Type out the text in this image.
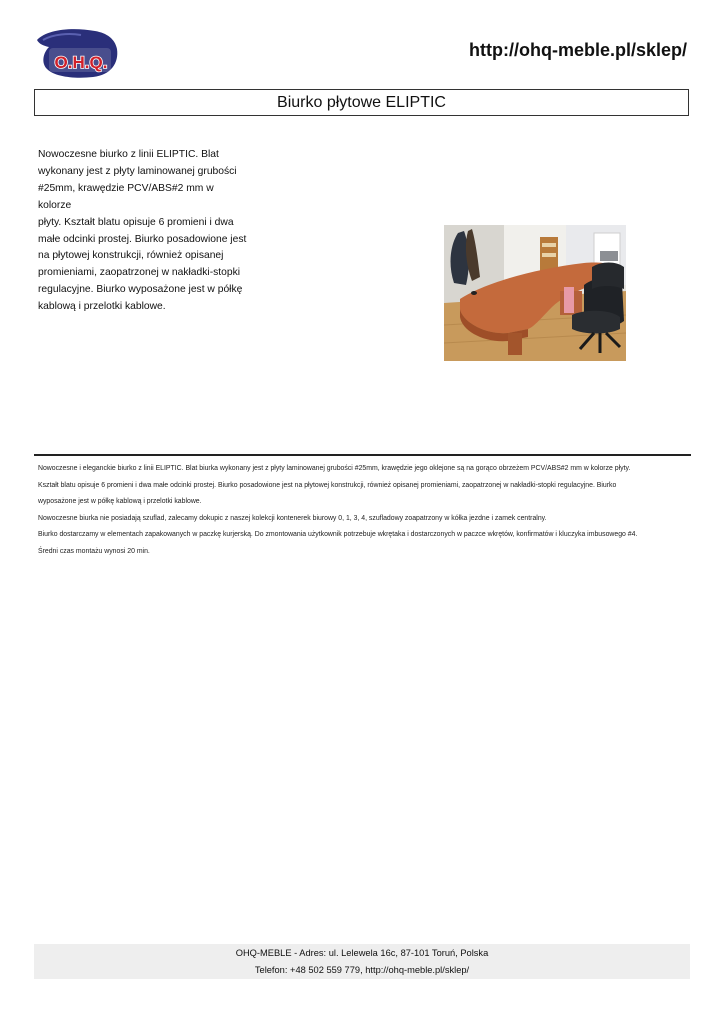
O.H.Q.
http://ohq-meble.pl/sklep/
Biurko płytowe ELIPTIC
Nowoczesne biurko z linii ELIPTIC. Blat
wykonany jest z płyty laminowanej grubości
#25mm, krawędzie PCV/ABS#2 mm w kolorze
płyty. Kształt blatu opisuje 6 promieni i dwa
małe odcinki prostej. Biurko posadowione jest
na płytowej konstrukcji, również opisanej
promieniami, zaopatrzonej w nakładki-stopki
regulacyjne. Biurko wyposażone jest w półkę
kablową i przelotki kablowe.

Nowoczesne i eleganckie biurko z linii ELIPTIC. Blat biurka wykonany jest z płyty laminowanej grubości #25mm, krawędzie jego oklejone są na gorąco obrzeżem PCV/ABS#2 mm w kolorze płyty.

Kształt blatu opisuje 6 promieni i dwa małe odcinki prostej. Biurko posadowione jest na płytowej konstrukcji, również opisanej promieniami, zaopatrzonej w nakładki-stopki regulacyjne. Biurko

wyposażone jest w półkę kablową i przelotki kablowe.

Nowoczesne biurka nie posiadają szuflad, zalecamy dokupic z naszej kolekcji kontenerek biurowy 0, 1, 3, 4, szufladowy zoapatrzony w kółka jezdne i zamek centralny.

Biurko dostarczamy w elementach zapakowanych w paczkę kurjerską. Do zmontowania użytkownik potrzebuje wkrętaka i dostarczonych w paczce wkrętów, konfirmatów i kluczyka imbusowego #4.

Średni czas montażu wynosi 20 min.

OHQ-MEBLE - Adres: ul. Lelewela 16c, 87-101 Toruń, Polska
Telefon: +48 502 559 779, http://ohq-meble.pl/sklep/
